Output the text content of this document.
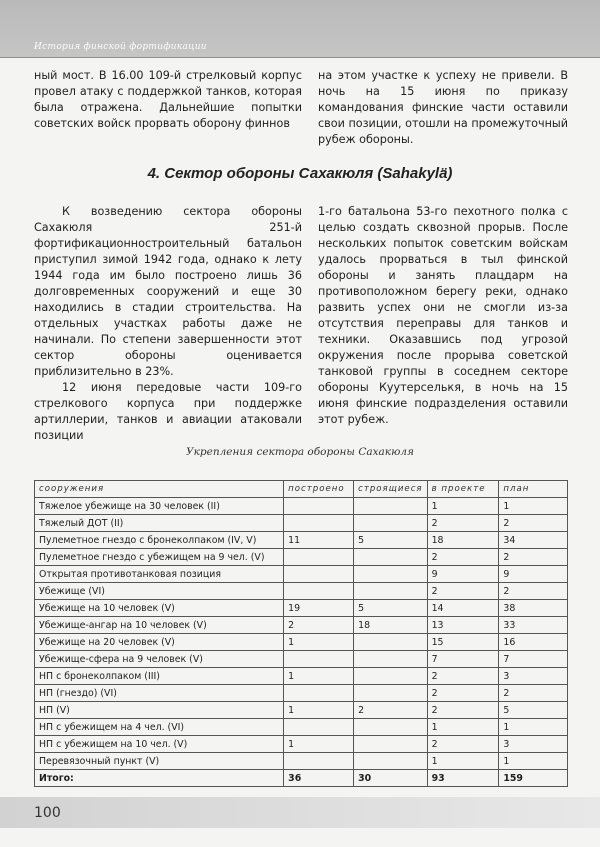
История финской фортификации

ный мост. В 16.00 109-й стрелковый корпус провел атаку с поддержкой танков, которая была отражена. Дальнейшие попытки советских войск прорвать оборону финнов

на этом участке к успеху не привели. В ночь на 15 июня по приказу командования финские части оставили свои позиции, отошли на промежуточный рубеж обороны.

4. Сектор обороны Сахакюля (Sahakylä)

К возведению сектора обороны Сахакюля 251-й фортификационностроительный батальон приступил зимой 1942 года, однако к лету 1944 года им было построено лишь 36 долговременных сооружений и еще 30 находились в стадии строительства. На отдельных участках работы даже не начинали. По степени завершенности этот сектор обороны оценивается приблизительно в 23%.

12 июня передовые части 109-го стрелкового корпуса при поддержке артиллерии, танков и авиации атаковали позиции

1-го батальона 53-го пехотного полка с целью создать сквозной прорыв. После нескольких попыток советским войскам удалось прорваться в тыл финской обороны и занять плацдарм на противоположном берегу реки, однако развить успех они не смогли из-за отсутствия переправы для танков и техники. Оказавшись под угрозой окружения после прорыва советской танковой группы в соседнем секторе обороны Куутерселькя, в ночь на 15 июня финские подразделения оставили этот рубеж.

Укрепления сектора обороны Сахакюля
сооружения	построено	строящиеся	в проекте	план
Тяжелое убежище на 30 человек (II)			1	1
Тяжелый ДОТ (II)			2	2
Пулеметное гнездо с бронеколпаком (IV, V)	11	5	18	34
Пулеметное гнездо с убежищем на 9 чел. (V)			2	2
Открытая противотанковая позиция			9	9
Убежище (VI)			2	2
Убежище на 10 человек (V)	19	5	14	38
Убежище-ангар на 10 человек (V)	2	18	13	33
Убежище на 20 человек (V)	1		15	16
Убежище-сфера на 9 человек (V)			7	7
НП с бронеколпаком (III)	1		2	3
НП (гнездо) (VI)			2	2
НП (V)	1	2	2	5
НП с убежищем на 4 чел. (VI)			1	1
НП с убежищем на 10 чел. (V)	1		2	3
Перевязочный пункт (V)			1	1
Итого:	36	30	93	159
100
